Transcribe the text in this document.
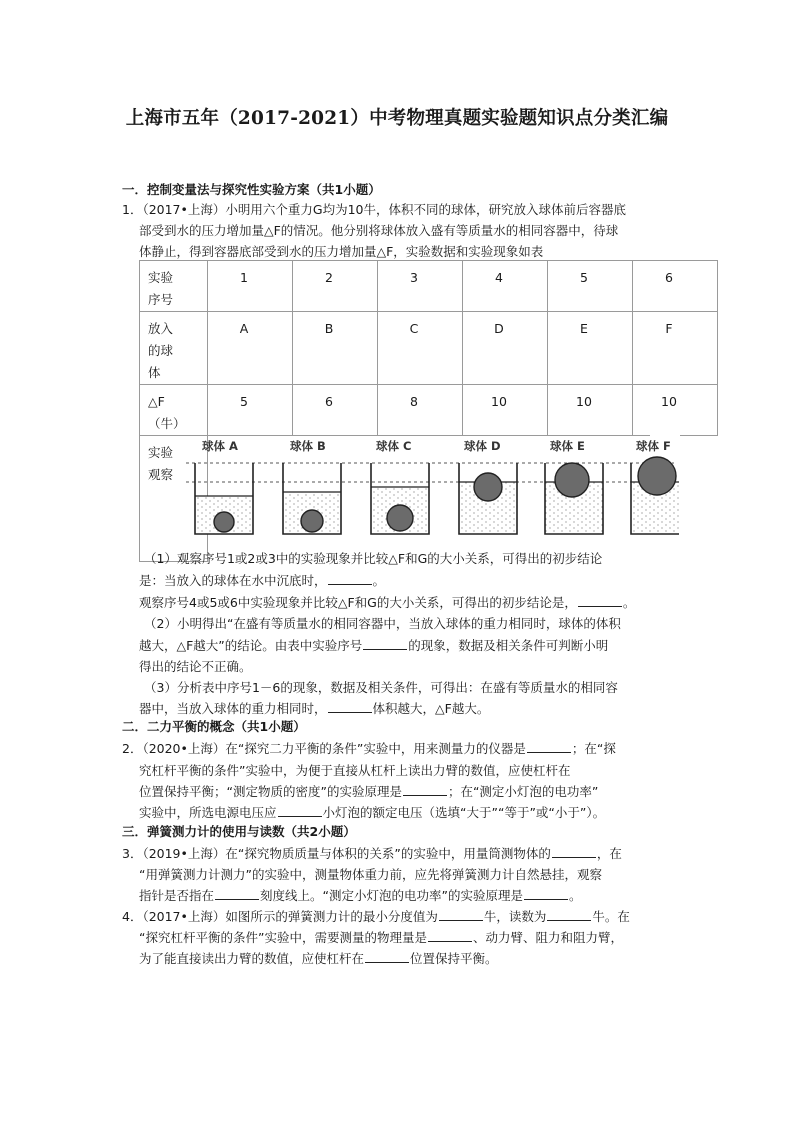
上海市五年（2017-2021）中考物理真题实验题知识点分类汇编
一．控制变量法与探究性实验方案（共1小题）
1．（2017•上海）小明用六个重力G均为10牛，体积不同的球体，研究放入球体前后容器底
部受到水的压力增加量△F的情况。他分别将球体放入盛有等质量水的相同容器中，待球
体静止，得到容器底部受到水的压力增加量△F，实验数据和实验现象如表
实验
序号	1	2	3	4	5	6

放入
的球
体	A	B	C	D	E	F

△F
（牛）	5	6	8	10	10	10

实验
观察						

球体 A	球体 B	球体 C	球体 D	球体 E	球体 F
（1）观察序号1或2或3中的实验现象并比较△F和G的大小关系，可得出的初步结论
是：当放入的球体在水中沉底时，	。
观察序号4或5或6中实验现象并比较△F和G的大小关系，可得出的初步结论是，	。
（2）小明得出“在盛有等质量水的相同容器中，当放入球体的重力相同时，球体的体积
越大，△F越大”的结论。由表中实验序号	的现象，数据及相关条件可判断小明
得出的结论不正确。
（3）分析表中序号1－6的现象，数据及相关条件，可得出：在盛有等质量水的相同容
器中，当放入球体的重力相同时，	体积越大，△F越大。
二．二力平衡的概念（共1小题）
2．（2020•上海）在“探究二力平衡的条件”实验中，用来测量力的仪器是	；在“探
究杠杆平衡的条件”实验中，为便于直接从杠杆上读出力臂的数值，应使杠杆在
位置保持平衡；“测定物质的密度”的实验原理是	；在“测定小灯泡的电功率”
实验中，所选电源电压应	小灯泡的额定电压（选填“大于”“等于”或“小于”）。
三．弹簧测力计的使用与读数（共2小题）
3．（2019•上海）在“探究物质质量与体积的关系”的实验中，用量筒测物体的	，在
“用弹簧测力计测力”的实验中，测量物体重力前，应先将弹簧测力计自然悬挂，观察
指针是否指在	刻度线上。“测定小灯泡的电功率”的实验原理是	。
4．（2017•上海）如图所示的弹簧测力计的最小分度值为	牛，读数为	牛。在
“探究杠杆平衡的条件”实验中，需要测量的物理量是	、动力臂、阻力和阻力臂，
为了能直接读出力臂的数值，应使杠杆在	位置保持平衡。
